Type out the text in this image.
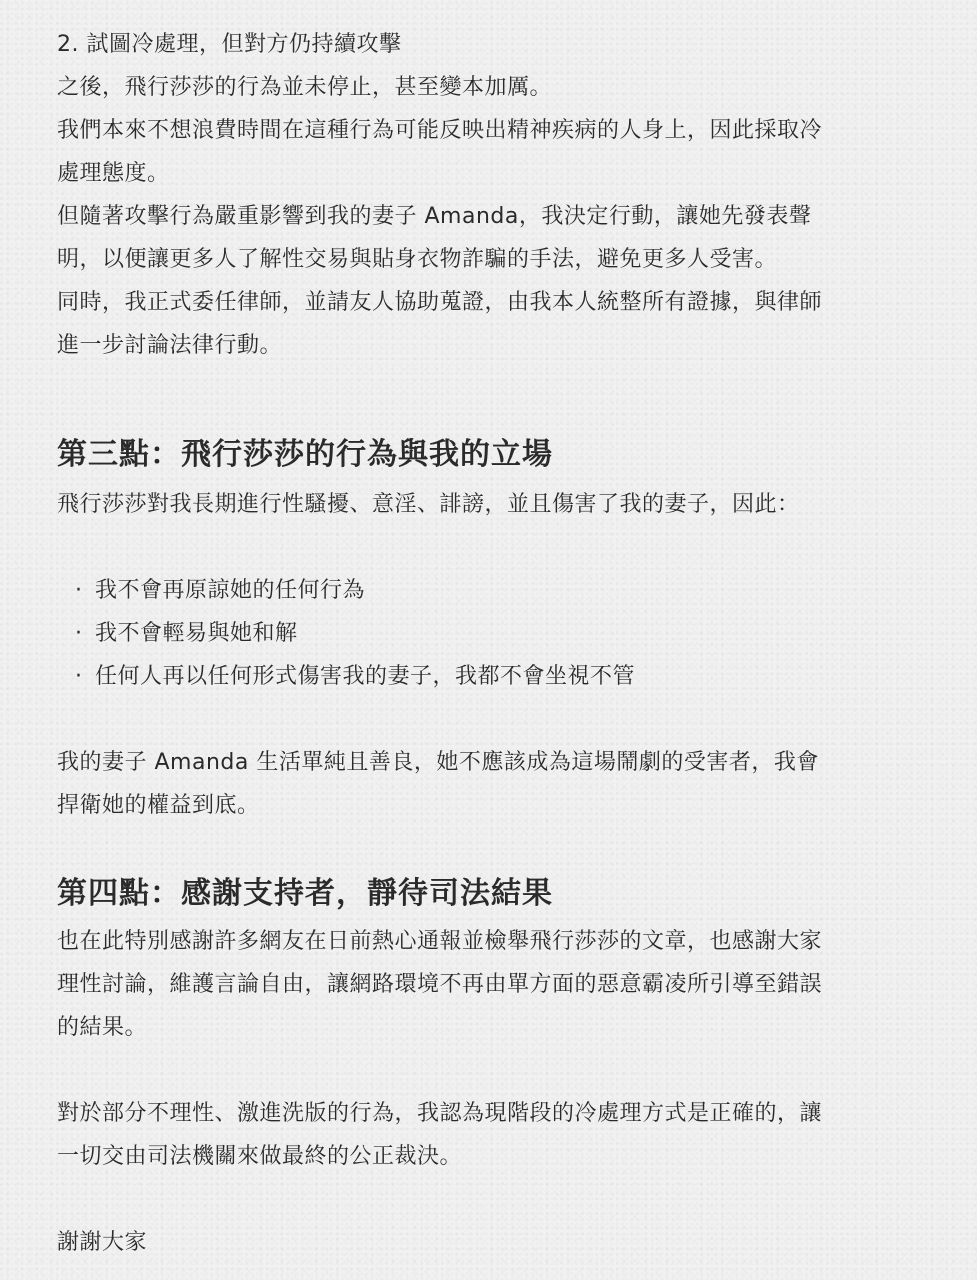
2. 試圖冷處理，但對方仍持續攻擊

之後，飛行莎莎的行為並未停止，甚至變本加厲。

我們本來不想浪費時間在這種行為可能反映出精神疾病的人身上，因此採取冷

處理態度。

但隨著攻擊行為嚴重影響到我的妻子 Amanda，我決定行動，讓她先發表聲

明，以便讓更多人了解性交易與貼身衣物詐騙的手法，避免更多人受害。

同時，我正式委任律師，並請友人協助蒐證，由我本人統整所有證據，與律師

進一步討論法律行動。

第三點：飛行莎莎的行為與我的立場

飛行莎莎對我長期進行性騷擾、意淫、誹謗，並且傷害了我的妻子，因此：

· 我不會再原諒她的任何行為
· 我不會輕易與她和解
· 任何人再以任何形式傷害我的妻子，我都不會坐視不管

我的妻子 Amanda 生活單純且善良，她不應該成為這場鬧劇的受害者，我會

捍衛她的權益到底。

第四點：感謝支持者，靜待司法結果

也在此特別感謝許多網友在日前熱心通報並檢舉飛行莎莎的文章，也感謝大家

理性討論，維護言論自由，讓網路環境不再由單方面的惡意霸凌所引導至錯誤

的結果。

對於部分不理性、激進洗版的行為，我認為現階段的冷處理方式是正確的，讓

一切交由司法機關來做最終的公正裁決。

謝謝大家
